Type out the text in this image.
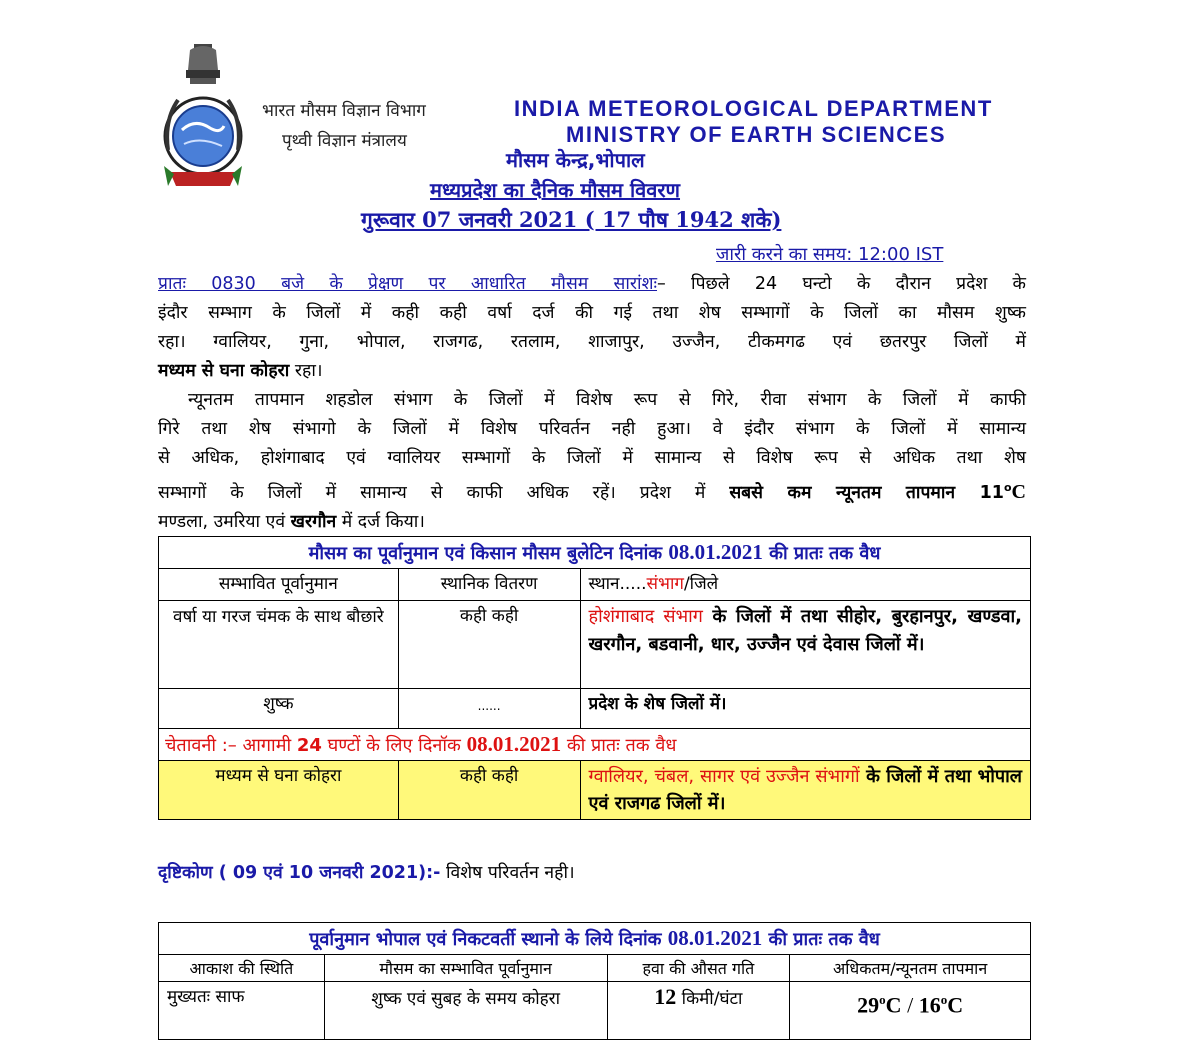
भारत मौसम विज्ञान विभाग
पृथ्वी विज्ञान मंत्रालय
INDIA METEOROLOGICAL DEPARTMENT
MINISTRY OF EARTH SCIENCES
मौसम केन्द्र,भोपाल
मध्यप्रदेश का दैनिक मौसम विवरण
गुरूवार 07 जनवरी 2021 ( 17 पौष 1942 शके)
जारी करने का समय: 12:00 IST
प्रातः 0830 बजे के प्रेक्षण पर आधारित मौसम सारांशः– पिछले 24 घन्टो के दौरान प्रदेश के
इंदौर सम्भाग के जिलों में कही कही वर्षा दर्ज की गई तथा शेष सम्भागों के जिलों का मौसम शुष्क
रहा। ग्वालियर, गुना, भोपाल, राजगढ, रतलाम, शाजापुर, उज्जैन, टीकमगढ एवं छतरपुर जिलों में
मध्यम से घना कोहरा रहा।
न्यूनतम तापमान शहडोल संभाग के जिलों में विशेष रूप से गिरे, रीवा संभाग के जिलों में काफी
गिरे तथा शेष संभागो के जिलों में विशेष परिवर्तन नही हुआ। वे इंदौर संभाग के जिलों में सामान्य
से अधिक, होशंगाबाद एवं ग्वालियर सम्भागों के जिलों में सामान्य से विशेष रूप से अधिक तथा शेष
सम्भागों के जिलों में सामान्य से काफी अधिक रहें। प्रदेश में सबसे कम न्यूनतम तापमान 11$^o$C
मण्डला, उमरिया एवं खरगौन में दर्ज किया।
मौसम का पूर्वानुमान एवं किसान मौसम बुलेटिन दिनांक 08.01.2021 की प्रातः तक वैध		
सम्भावित पूर्वानुमान	स्थानिक वितरण	स्थान.....संभाग/जिले
वर्षा या गरज चंमक के साथ बौछारे	कही कही	होशंगाबाद संभाग के जिलों में तथा सीहोर, बुरहानपुर, खण्डवा, खरगौन, बडवानी, धार, उज्जैन एवं देवास जिलों में।
शुष्क	......	प्रदेश के शेष जिलों में।
चेतावनी :– आगामी 24 घण्टों के लिए दिनॉक 08.01.2021 की प्रातः तक वैध		
मध्यम से घना कोहरा	कही कही	ग्वालियर, चंबल, सागर एवं उज्जैन संभागों के जिलों में तथा भोपाल एवं राजगढ जिलों में।
दृष्टिकोण ( 09 एवं 10 जनवरी 2021):- विशेष परिवर्तन नही।
पूर्वानुमान भोपाल एवं निकटवर्ती स्थानो के लिये दिनांक 08.01.2021 की प्रातः तक वैध			
आकाश की स्थिति	मौसम का सम्भावित पूर्वानुमान	हवा की औसत गति	अधिकतम/न्यूनतम तापमान
मुख्यतः साफ	शुष्क एवं सुबह के समय कोहरा	12 किमी/घंटा	29$^o$C / 16$^o$C
